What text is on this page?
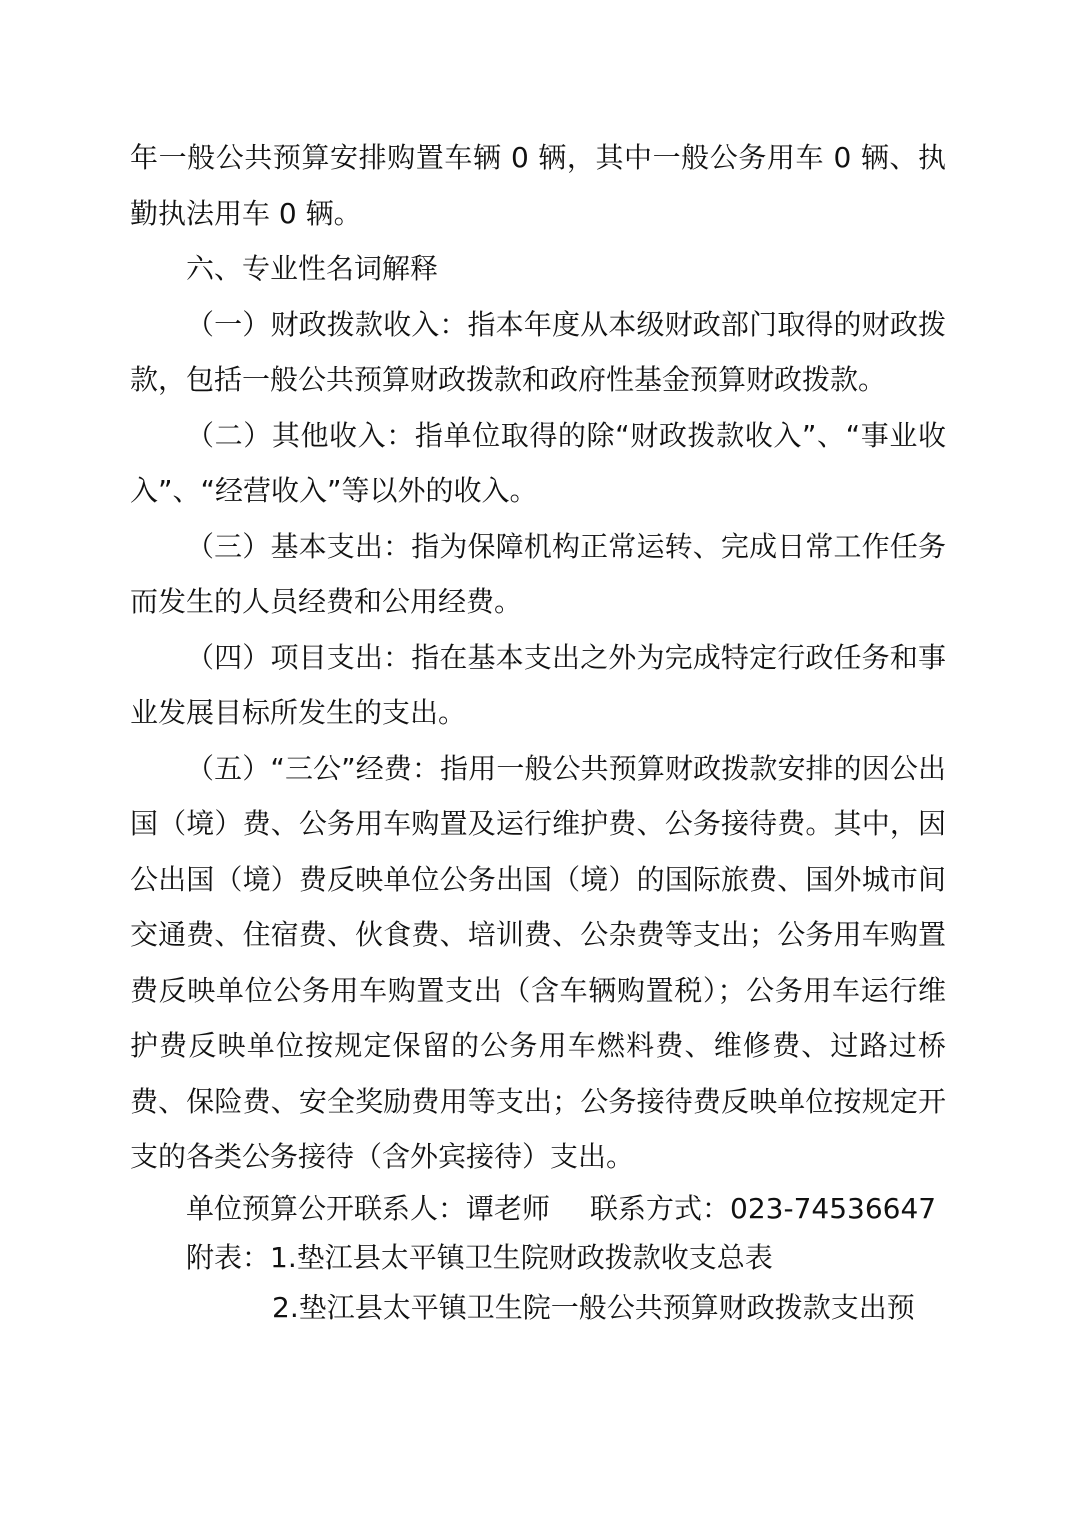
年一般公共预算安排购置车辆 0 辆，其中一般公务用车 0 辆、执勤执法用车 0 辆。

六、专业性名词解释

（一）财政拨款收入：指本年度从本级财政部门取得的财政拨款，包括一般公共预算财政拨款和政府性基金预算财政拨款。

（二）其他收入：指单位取得的除“财政拨款收入”、“事业收入”、“经营收入”等以外的收入。

（三）基本支出：指为保障机构正常运转、完成日常工作任务而发生的人员经费和公用经费。

（四）项目支出：指在基本支出之外为完成特定行政任务和事业发展目标所发生的支出。

（五）“三公”经费：指用一般公共预算财政拨款安排的因公出国（境）费、公务用车购置及运行维护费、公务接待费。其中，因公出国（境）费反映单位公务出国（境）的国际旅费、国外城市间交通费、住宿费、伙食费、培训费、公杂费等支出；公务用车购置费反映单位公务用车购置支出（含车辆购置税）；公务用车运行维护费反映单位按规定保留的公务用车燃料费、维修费、过路过桥费、保险费、安全奖励费用等支出；公务接待费反映单位按规定开支的各类公务接待（含外宾接待）支出。

单位预算公开联系人：谭老师 联系方式：023-74536647

附表：1.垫江县太平镇卫生院财政拨款收支总表

2.垫江县太平镇卫生院一般公共预算财政拨款支出预
